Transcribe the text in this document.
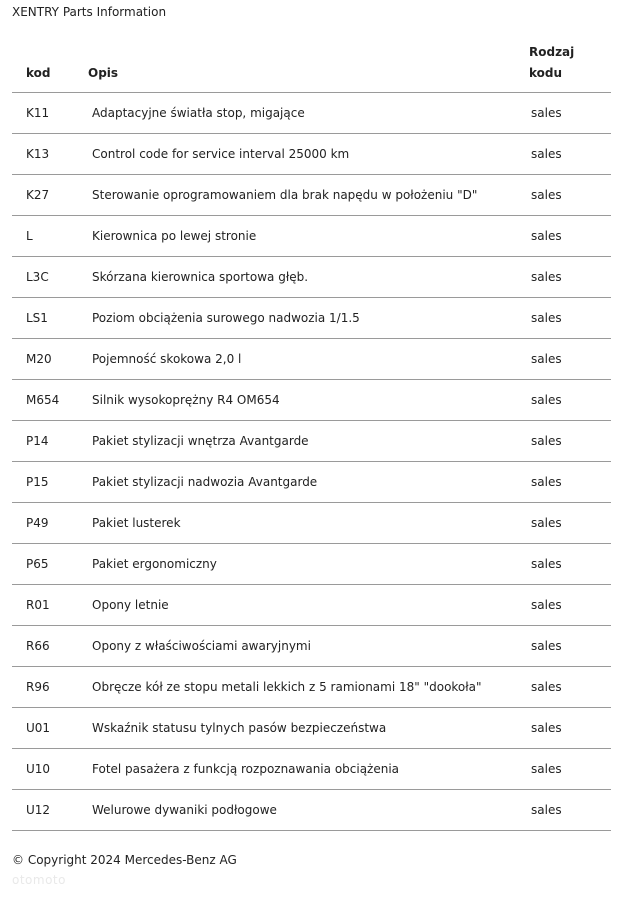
XENTRY Parts Information
kod	Opis	Rodzaj
kodu
K11	Adaptacyjne światła stop, migające	sales
K13	Control code for service interval 25000 km	sales
K27	Sterowanie oprogramowaniem dla brak napędu w położeniu "D"	sales
L	Kierownica po lewej stronie	sales
L3C	Skórzana kierownica sportowa głęb.	sales
LS1	Poziom obciążenia surowego nadwozia 1/1.5	sales
M20	Pojemność skokowa 2,0 l	sales
M654	Silnik wysokoprężny R4 OM654	sales
P14	Pakiet stylizacji wnętrza Avantgarde	sales
P15	Pakiet stylizacji nadwozia Avantgarde	sales
P49	Pakiet lusterek	sales
P65	Pakiet ergonomiczny	sales
R01	Opony letnie	sales
R66	Opony z właściwościami awaryjnymi	sales
R96	Obręcze kół ze stopu metali lekkich z 5 ramionami 18" "dookoła"	sales
U01	Wskaźnik statusu tylnych pasów bezpieczeństwa	sales
U10	Fotel pasażera z funkcją rozpoznawania obciążenia	sales
U12	Welurowe dywaniki podłogowe	sales
© Copyright 2024 Mercedes-Benz AG
otomoto
